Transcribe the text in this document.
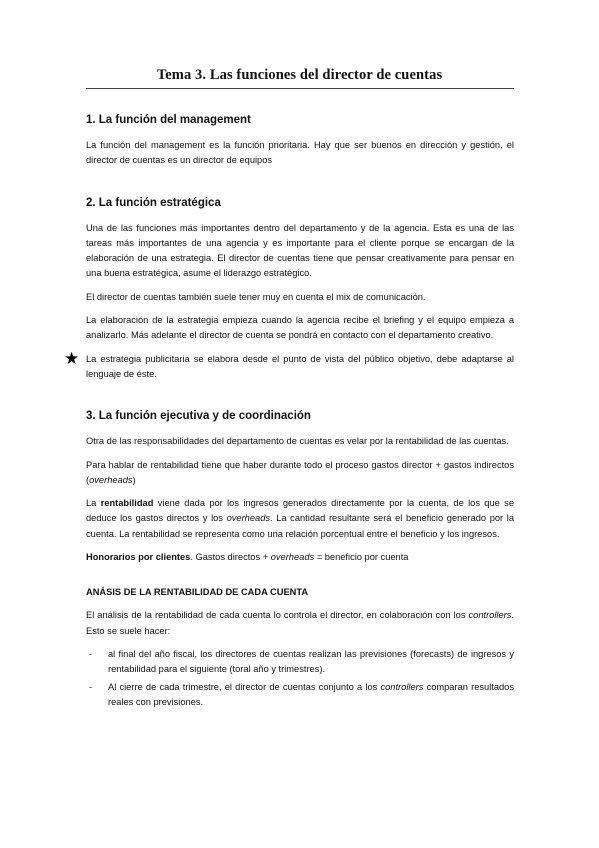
Tema 3. Las funciones del director de cuentas
1. La función del management

La función del management es la función prioritaria. Hay que ser buenos en dirección y gestión, el director de cuentas es un director de equipos

2. La función estratégica

Una de las funciones más importantes dentro del departamento y de la agencia. Esta es una de las tareas más importantes de una agencia y es importante para el cliente porque se encargan de la elaboración de una estrategia. El director de cuentas tiene que pensar creativamente para pensar en una buena estratégica, asume el liderazgo estratégico.

El director de cuentas también suele tener muy en cuenta el mix de comunicación.

La elaboración de la estrategia empieza cuando la agencia recibe el briefing y el equipo empieza a analizarlo. Más adelante el director de cuenta se pondrá en contacto con el departamento creativo.

★ La estrategia publicitaria se elabora desde el punto de vista del público objetivo, debe adaptarse al lenguaje de éste.

3. La función ejecutiva y de coordinación

Otra de las responsabilidades del departamento de cuentas es velar por la rentabilidad de las cuentas.

Para hablar de rentabilidad tiene que haber durante todo el proceso gastos director + gastos indirectos (overheads)

La rentabilidad viene dada por los ingresos generados directamente por la cuenta, de los que se deduce los gastos directos y los overheads. La cantidad resultante será el beneficio generado por la cuenta. La rentabilidad se representa como una relación porcentual entre el beneficio y los ingresos.

Honorarios por clientes. Gastos directos + overheads = beneficio por cuenta

ANÁSIS DE LA RENTABILIDAD DE CADA CUENTA

El análisis de la rentabilidad de cada cuenta lo controla el director, en colaboración con los controllers. Esto se suele hacer:

- al final del año fiscal, los directores de cuentas realizan las previsiones (forecasts) de ingresos y rentabilidad para el siguiente (toral año y trimestres).
- Al cierre de cada trimestre, el director de cuentas conjunto a los controllers comparan resultados reales con previsiones.
